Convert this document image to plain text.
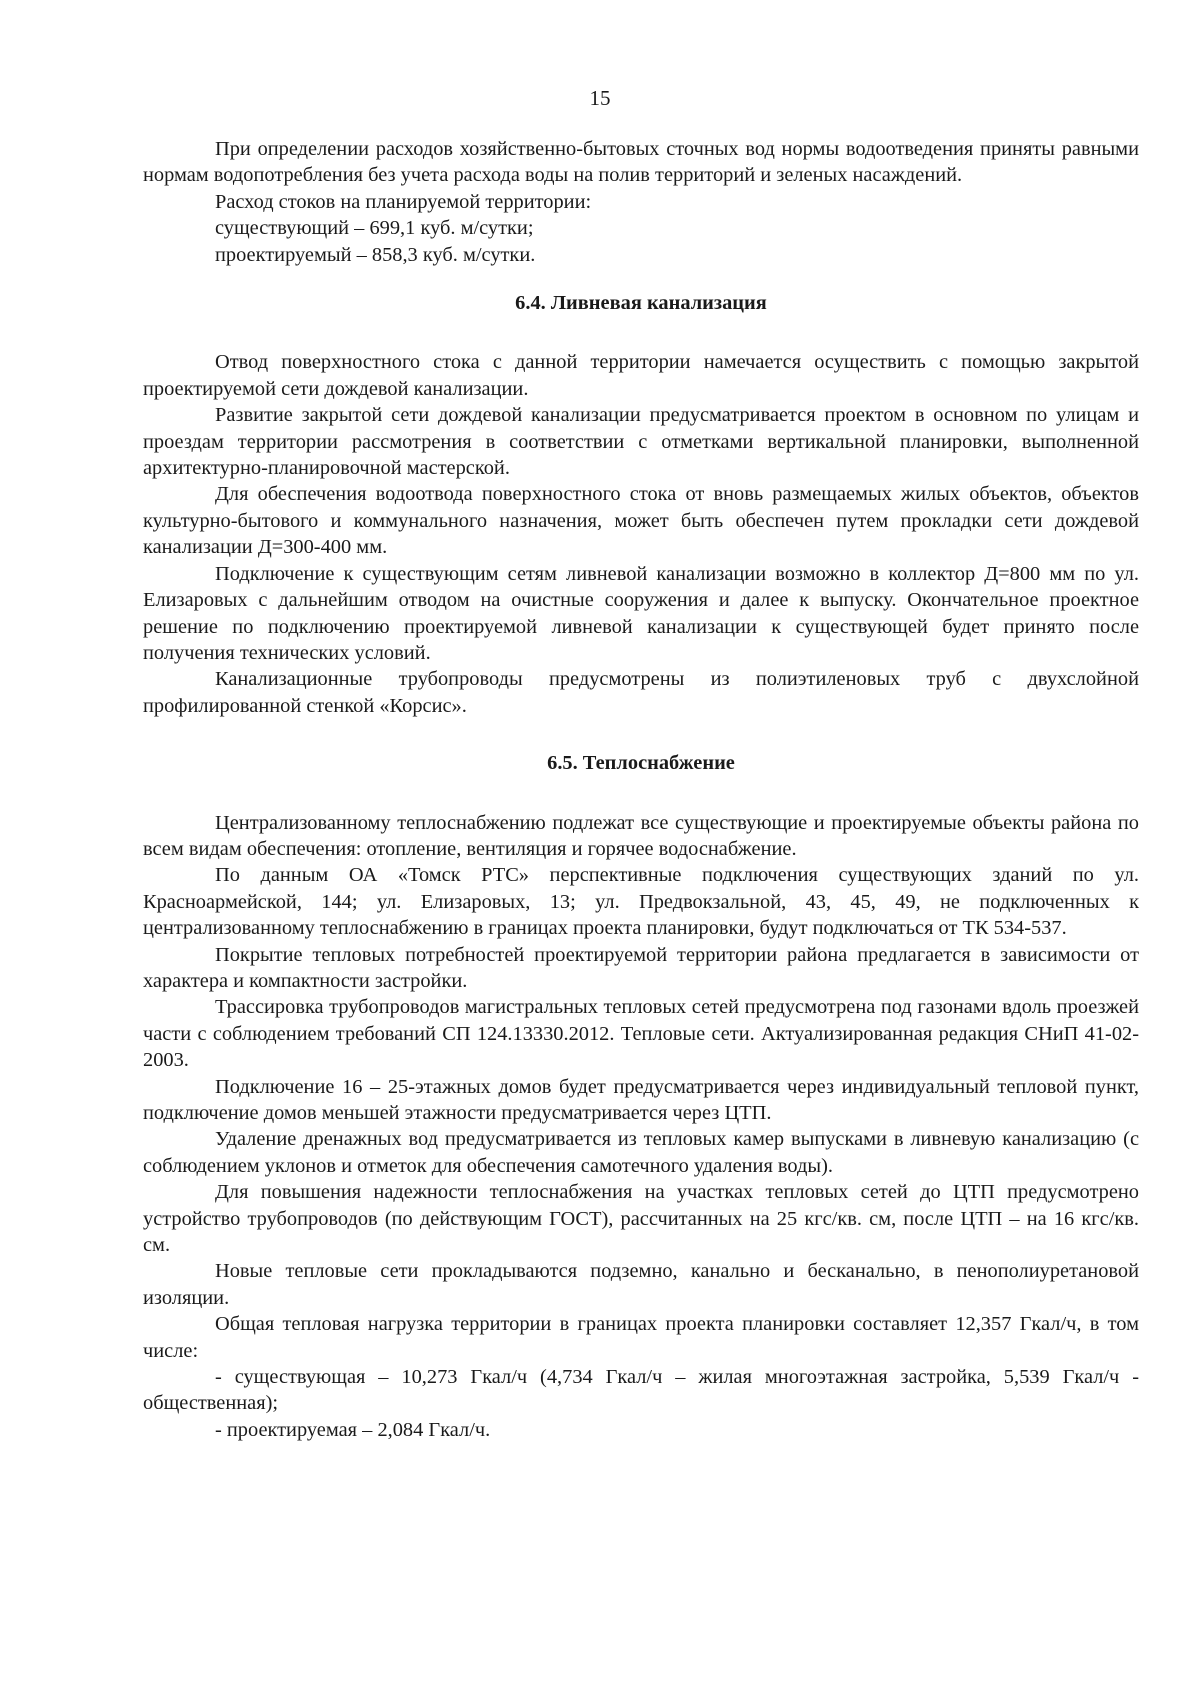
15

При определении расходов хозяйственно-бытовых сточных вод нормы водоотведения приняты равными нормам водопотребления без учета расхода воды на полив территорий и зеленых насаждений.

Расход стоков на планируемой территории:

существующий – 699,1 куб. м/сутки;

проектируемый – 858,3 куб. м/сутки.

6.4. Ливневая канализация

Отвод поверхностного стока с данной территории намечается осуществить с помощью закрытой проектируемой сети дождевой канализации.

Развитие закрытой сети дождевой канализации предусматривается проектом в основном по улицам и проездам территории рассмотрения в соответствии с отметками вертикальной планировки, выполненной архитектурно-планировочной мастерской.

Для обеспечения водоотвода поверхностного стока от вновь размещаемых жилых объектов, объектов культурно-бытового и коммунального назначения, может быть обеспечен путем прокладки сети дождевой канализации Д=300-400 мм.

Подключение к существующим сетям ливневой канализации возможно в коллектор Д=800 мм по ул. Елизаровых с дальнейшим отводом на очистные сооружения и далее к выпуску. Окончательное проектное решение по подключению проектируемой ливневой канализации к существующей будет принято после получения технических условий.

Канализационные трубопроводы предусмотрены из полиэтиленовых труб с двухслойной профилированной стенкой «Корсис».

6.5. Теплоснабжение

Централизованному теплоснабжению подлежат все существующие и проектируемые объекты района по всем видам обеспечения: отопление, вентиляция и горячее водоснабжение.

По данным ОА «Томск РТС» перспективные подключения существующих зданий по ул. Красноармейской, 144; ул. Елизаровых, 13; ул. Предвокзальной, 43, 45, 49, не подключенных к централизованному теплоснабжению в границах проекта планировки, будут подключаться от ТК 534-537.

Покрытие тепловых потребностей проектируемой территории района предлагается в зависимости от характера и компактности застройки.

Трассировка трубопроводов магистральных тепловых сетей предусмотрена под газонами вдоль проезжей части с соблюдением требований СП 124.13330.2012. Тепловые сети. Актуализированная редакция СНиП 41-02-2003.

Подключение 16 – 25-этажных домов будет предусматривается через индивидуальный тепловой пункт, подключение домов меньшей этажности предусматривается через ЦТП.

Удаление дренажных вод предусматривается из тепловых камер выпусками в ливневую канализацию (с соблюдением уклонов и отметок для обеспечения самотечного удаления воды).

Для повышения надежности теплоснабжения на участках тепловых сетей до ЦТП предусмотрено устройство трубопроводов (по действующим ГОСТ), рассчитанных на 25 кгс/кв. см, после ЦТП – на 16 кгс/кв. см.

Новые тепловые сети прокладываются подземно, канально и бесканально, в пенополиуретановой изоляции.

Общая тепловая нагрузка территории в границах проекта планировки составляет 12,357 Гкал/ч, в том числе:

- существующая – 10,273 Гкал/ч (4,734 Гкал/ч – жилая многоэтажная застройка, 5,539 Гкал/ч - общественная);

- проектируемая – 2,084 Гкал/ч.
